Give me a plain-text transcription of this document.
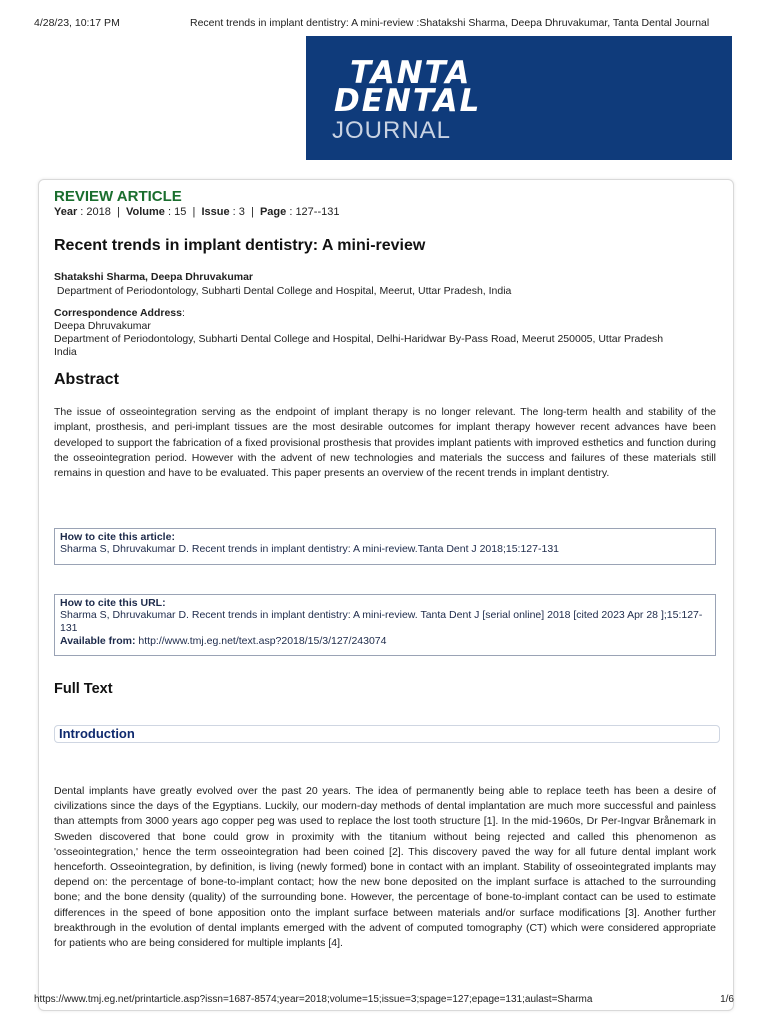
4/28/23, 10:17 PM	Recent trends in implant dentistry: A mini-review :Shatakshi Sharma, Deepa Dhruvakumar, Tanta Dental Journal
TANTA
DENTAL
JOURNAL
REVIEW ARTICLE
Year : 2018  |  Volume : 15  |  Issue : 3  |  Page : 127--131
Recent trends in implant dentistry: A mini-review
Shatakshi Sharma, Deepa Dhruvakumar
Department of Periodontology, Subharti Dental College and Hospital, Meerut, Uttar Pradesh, India
Correspondence Address:
Deepa Dhruvakumar
Department of Periodontology, Subharti Dental College and Hospital, Delhi-Haridwar By-Pass Road, Meerut 250005, Uttar Pradesh
India
Abstract
The issue of osseointegration serving as the endpoint of implant therapy is no longer relevant. The long-term health and stability of the implant, prosthesis, and peri-implant tissues are the most desirable outcomes for implant therapy however recent advances have been developed to support the fabrication of a fixed provisional prosthesis that provides implant patients with improved esthetics and function during the osseointegration period. However with the advent of new technologies and materials the success and failures of these materials still remains in question and have to be evaluated. This paper presents an overview of the recent trends in implant dentistry.
How to cite this article:
Sharma S, Dhruvakumar D. Recent trends in implant dentistry: A mini-review.Tanta Dent J 2018;15:127-131
How to cite this URL:
Sharma S, Dhruvakumar D. Recent trends in implant dentistry: A mini-review. Tanta Dent J [serial online] 2018 [cited 2023 Apr 28 ];15:127-131
Available from: http://www.tmj.eg.net/text.asp?2018/15/3/127/243074
Full Text
Introduction
Dental implants have greatly evolved over the past 20 years. The idea of permanently being able to replace teeth has been a desire of civilizations since the days of the Egyptians. Luckily, our modern-day methods of dental implantation are much more successful and painless than attempts from 3000 years ago copper peg was used to replace the lost tooth structure [1]. In the mid-1960s, Dr Per-Ingvar Brånemark in Sweden discovered that bone could grow in proximity with the titanium without being rejected and called this phenomenon as 'osseointegration,' hence the term osseointegration had been coined [2]. This discovery paved the way for all future dental implant work henceforth. Osseointegration, by definition, is living (newly formed) bone in contact with an implant. Stability of osseointegrated implants may depend on: the percentage of bone-to-implant contact; how the new bone deposited on the implant surface is attached to the surrounding bone; and the bone density (quality) of the surrounding bone. However, the percentage of bone-to-implant contact can be used to estimate differences in the speed of bone apposition onto the implant surface between materials and/or surface modifications [3]. Another further breakthrough in the evolution of dental implants emerged with the advent of computed tomography (CT) which were considered appropriate for patients who are being considered for multiple implants [4].
https://www.tmj.eg.net/printarticle.asp?issn=1687-8574;year=2018;volume=15;issue=3;spage=127;epage=131;aulast=Sharma	1/6
